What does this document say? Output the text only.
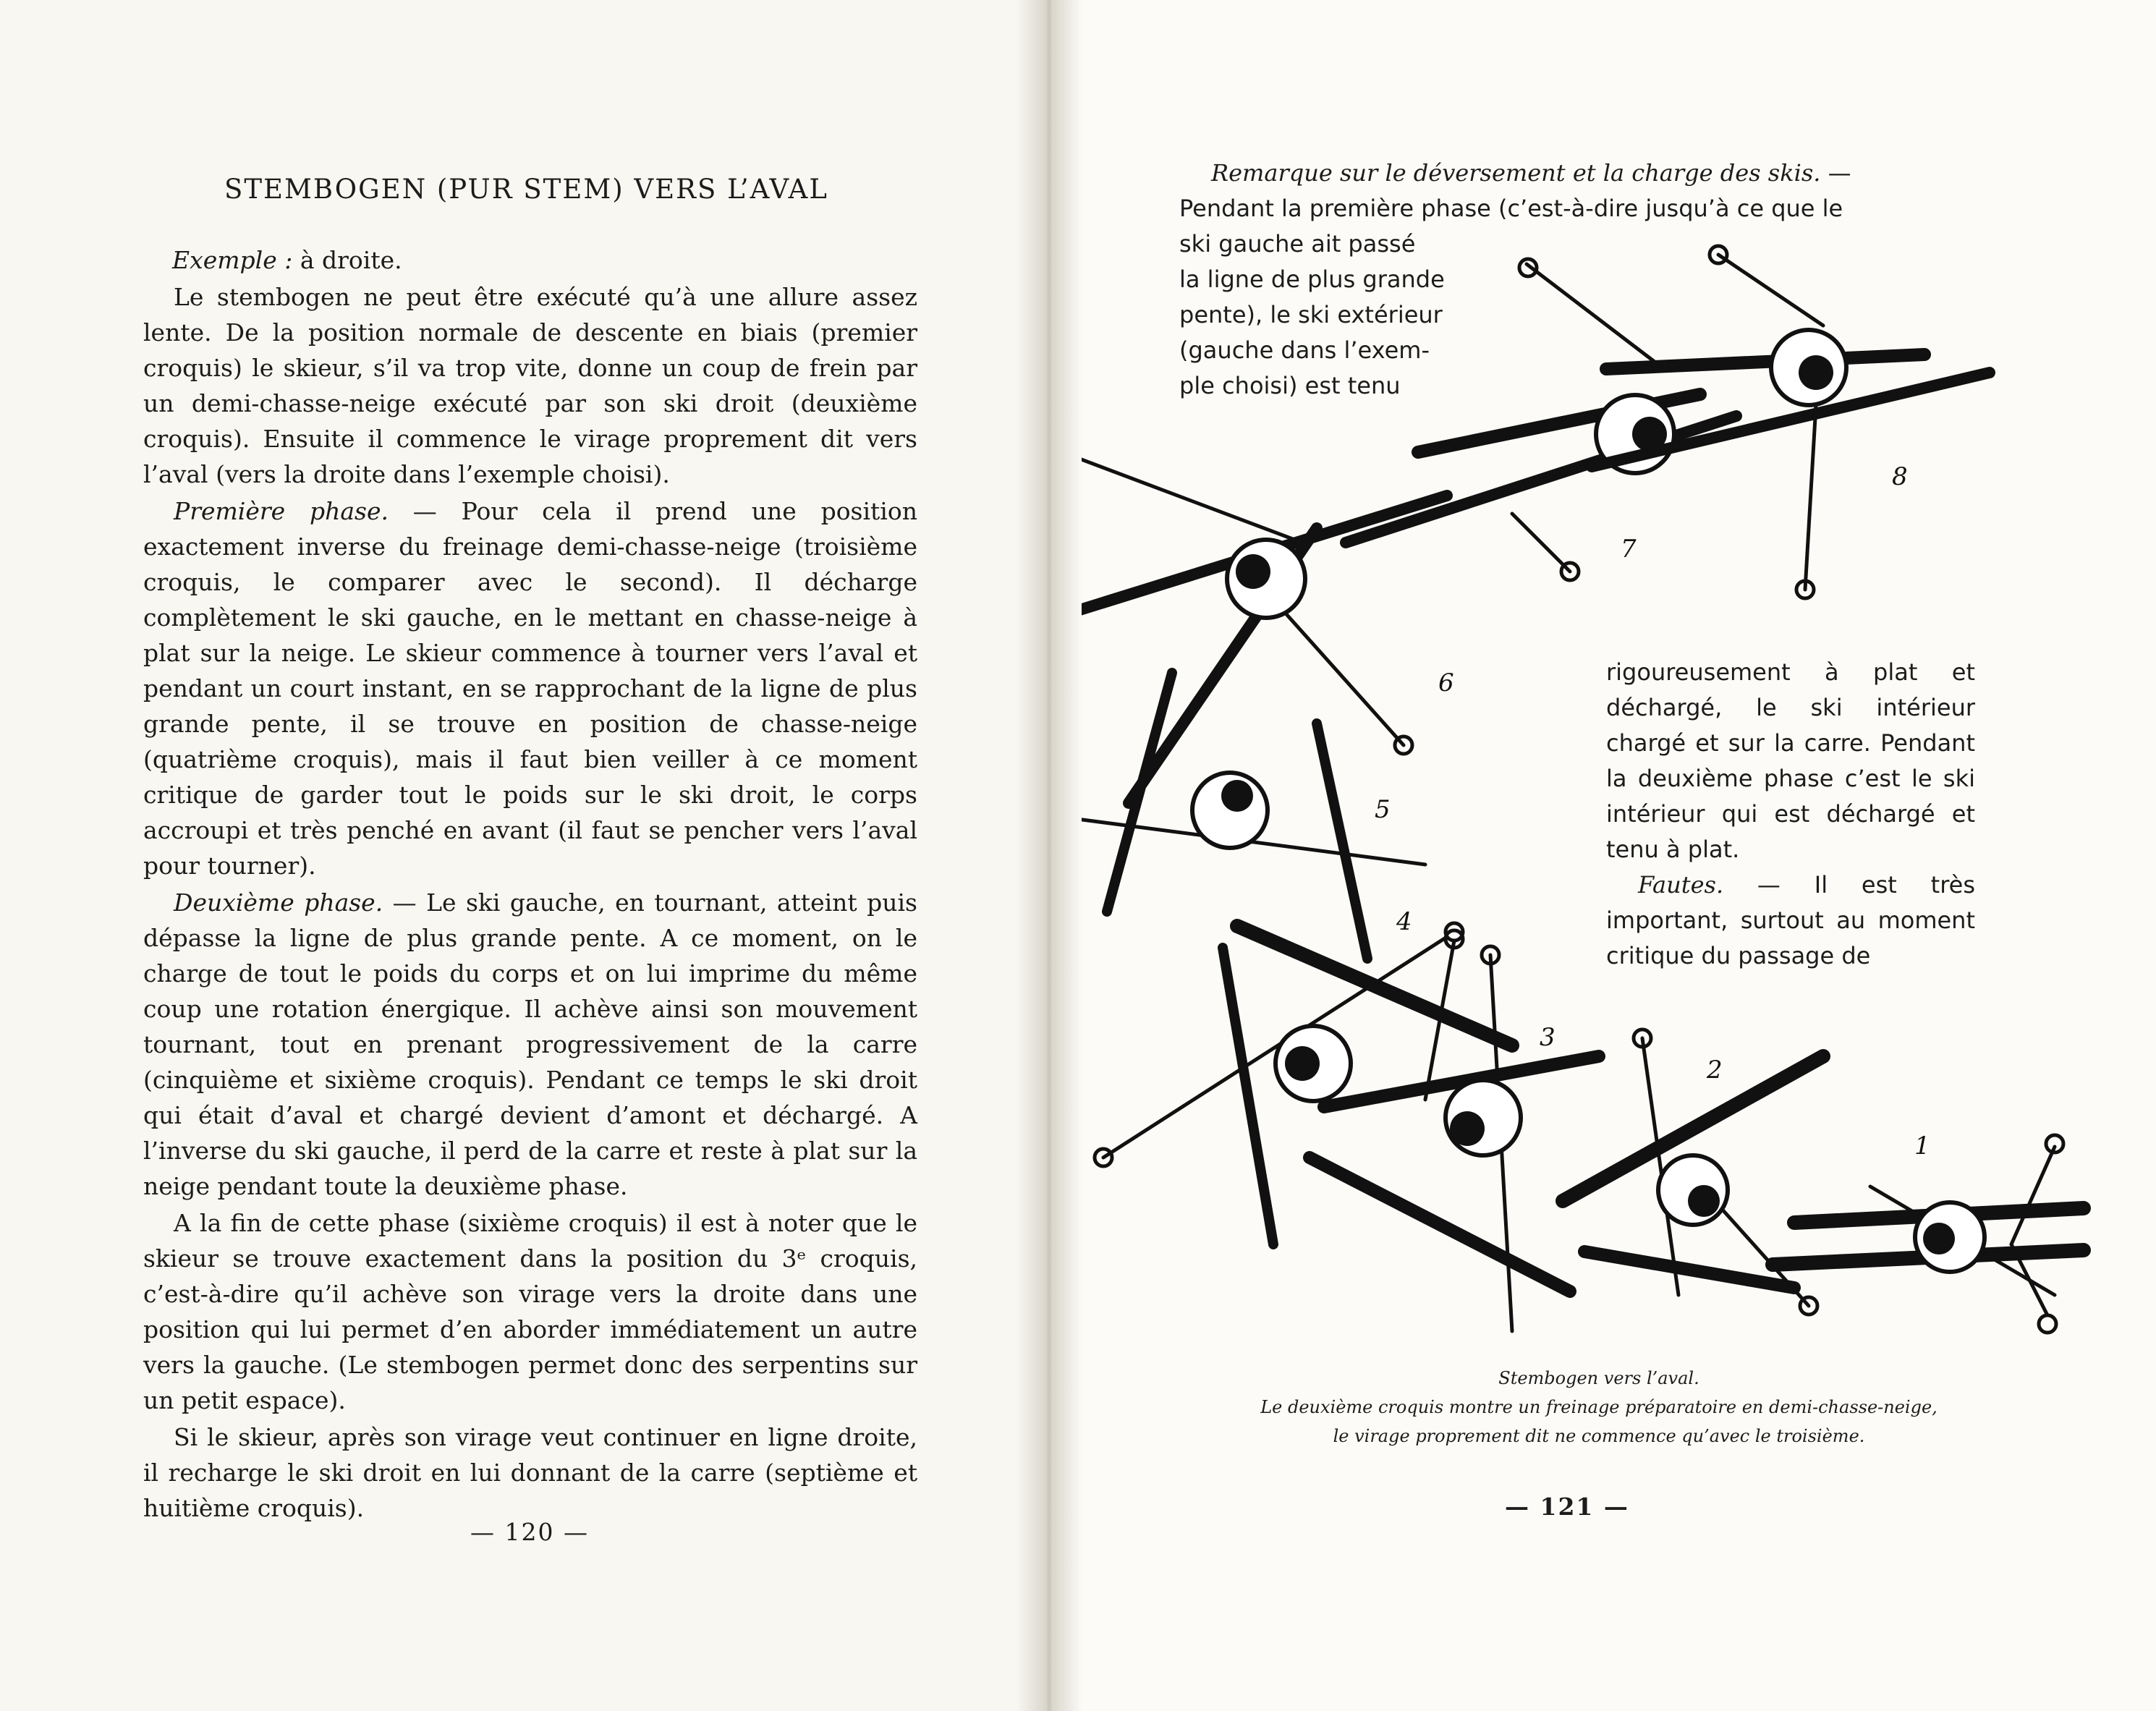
STEMBOGEN (PUR STEM) VERS L’AVAL

Exemple : à droite.

Le stembogen ne peut être exécuté qu’à une allure assez lente. De la position normale de descente en biais (premier croquis) le skieur, s’il va trop vite, donne un coup de frein par un demi-chasse-neige exécuté par son ski droit (deuxième croquis). Ensuite il commence le virage proprement dit vers l’aval (vers la droite dans l’exemple choisi).

Première phase. — Pour cela il prend une position exactement inverse du freinage demi-chasse-neige (troisième croquis, le comparer avec le second). Il décharge complètement le ski gauche, en le mettant en chasse-neige à plat sur la neige. Le skieur commence à tourner vers l’aval et pendant un court instant, en se rapprochant de la ligne de plus grande pente, il se trouve en position de chasse-neige (quatrième croquis), mais il faut bien veiller à ce moment critique de garder tout le poids sur le ski droit, le corps accroupi et très penché en avant (il faut se pencher vers l’aval pour tourner).

Deuxième phase. — Le ski gauche, en tournant, atteint puis dépasse la ligne de plus grande pente. A ce moment, on le charge de tout le poids du corps et on lui imprime du même coup une rotation énergique. Il achève ainsi son mouvement tournant, tout en prenant progressivement de la carre (cinquième et sixième croquis). Pendant ce temps le ski droit qui était d’aval et chargé devient d’amont et déchargé. A l’inverse du ski gauche, il perd de la carre et reste à plat sur la neige pendant toute la deuxième phase.

A la fin de cette phase (sixième croquis) il est à noter que le skieur se trouve exactement dans la position du 3ᵉ croquis, c’est-à-dire qu’il achève son virage vers la droite dans une position qui lui permet d’en aborder immédiatement un autre vers la gauche. (Le stembogen permet donc des serpentins sur un petit espace).

Si le skieur, après son virage veut continuer en ligne droite, il recharge le ski droit en lui donnant de la carre (septième et huitième croquis).

— 120 —

Remarque sur le déversement et la charge des skis. —

Pendant la première phase (c’est-à-dire jusqu’à ce que le
ski gauche ait passé
la ligne de plus grande
pente), le ski extérieur
(gauche dans l’exem-
ple choisi) est tenu

rigoureusement à plat et déchargé, le ski intérieur chargé et sur la carre. Pendant la deuxième phase c’est le ski intérieur qui est déchargé et tenu à plat.

Fautes. — Il est très important, surtout au moment critique du passage de

1
2
3
4
5
6
7
8
Stembogen vers l’aval.
Le deuxième croquis montre un freinage préparatoire en demi-chasse-neige,
le virage proprement dit ne commence qu’avec le troisième.
— 121 —
